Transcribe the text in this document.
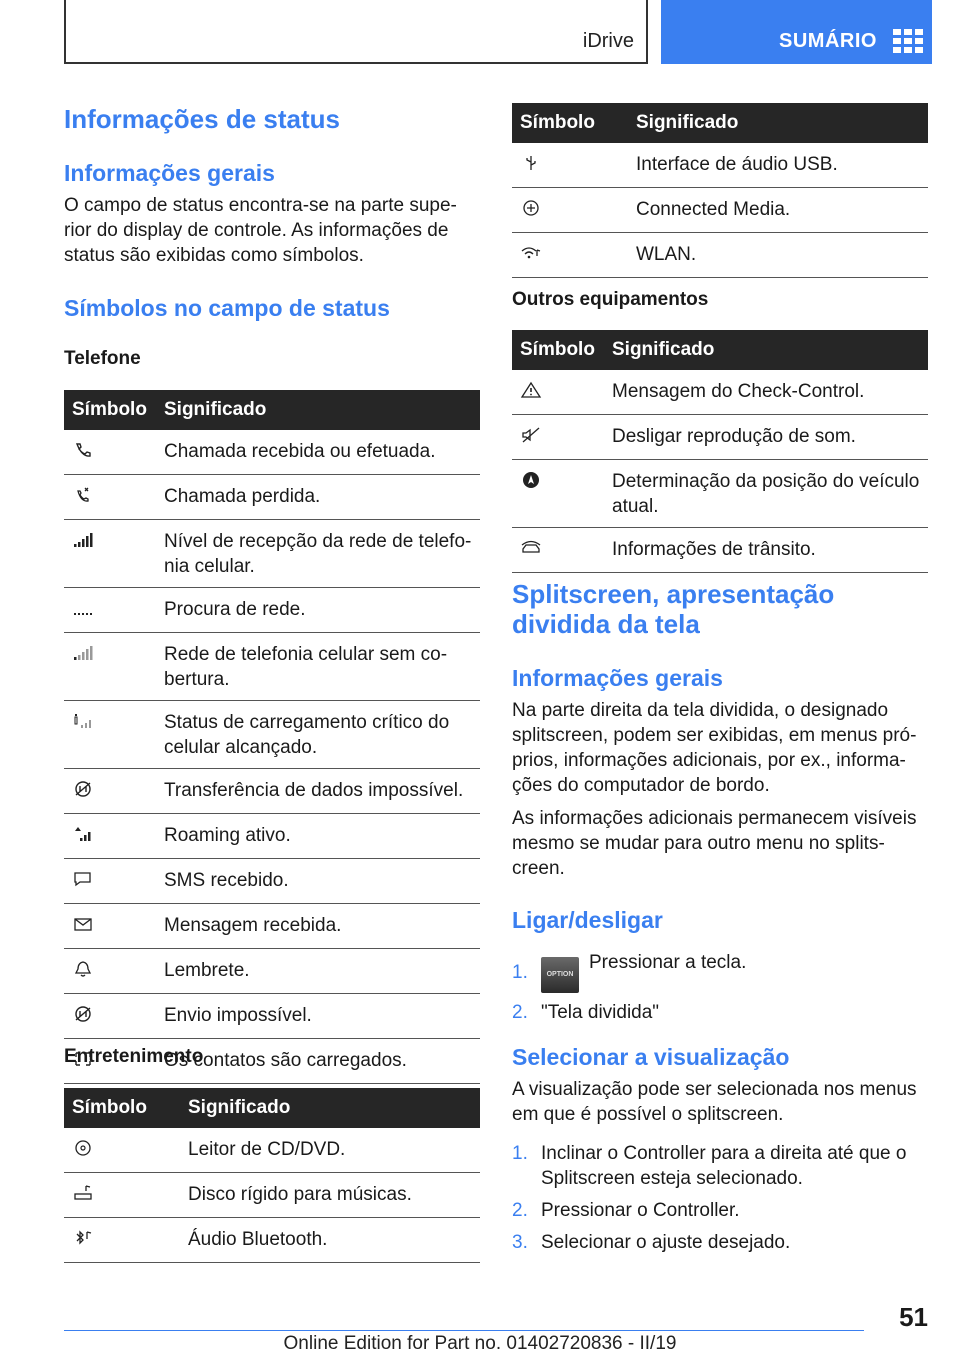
iDrive	SUMÁRIO
Informações de status
Informações gerais
O campo de status encontra-se na parte supe-
rior do display de controle. As informações de
status são exibidas como símbolos.
Símbolos no campo de status
Telefone
Símbolo	Significado

	Chamada recebida ou efetuada.

	Chamada perdida.

	Nível de recepção da rede de telefo-
nia celular.

	Procura de rede.

	Rede de telefonia celular sem co-
bertura.

	Status de carregamento crítico do
celular alcançado.

	Transferência de dados impossível.

	Roaming ativo.

	SMS recebido.

	Mensagem recebida.

	Lembrete.

	Envio impossível.

	Os contatos são carregados.
Entretenimento
Símbolo	Significado

	Leitor de CD/DVD.

	Disco rígido para músicas.

	Áudio Bluetooth.
Símbolo	Significado

	Interface de áudio USB.

	Connected Media.

	WLAN.
Outros equipamentos
Símbolo	Significado

	Mensagem do Check-Control.

	Desligar reprodução de som.

	Determinação da posição do veículo
atual.

	Informações de trânsito.
Splitscreen, apresentação
dividida da tela
Informações gerais
Na parte direita da tela dividida, o designado
splitscreen, podem ser exibidas, em menus pró-
prios, informações adicionais, por ex., informa-
ções do computador de bordo.
As informações adicionais permanecem visíveis
mesmo se mudar para outro menu no splits-
creen.
Ligar/desligar
1.	OPTIONPressionar a tecla.
2. "Tela dividida"
Selecionar a visualização
A visualização pode ser selecionada nos menus
em que é possível o splitscreen.
1. Inclinar o Controller para a direita até que o
Splitscreen esteja selecionado.
2. Pressionar o Controller.
3. Selecionar o ajuste desejado.
51
Online Edition for Part no. 01402720836 - II/19
